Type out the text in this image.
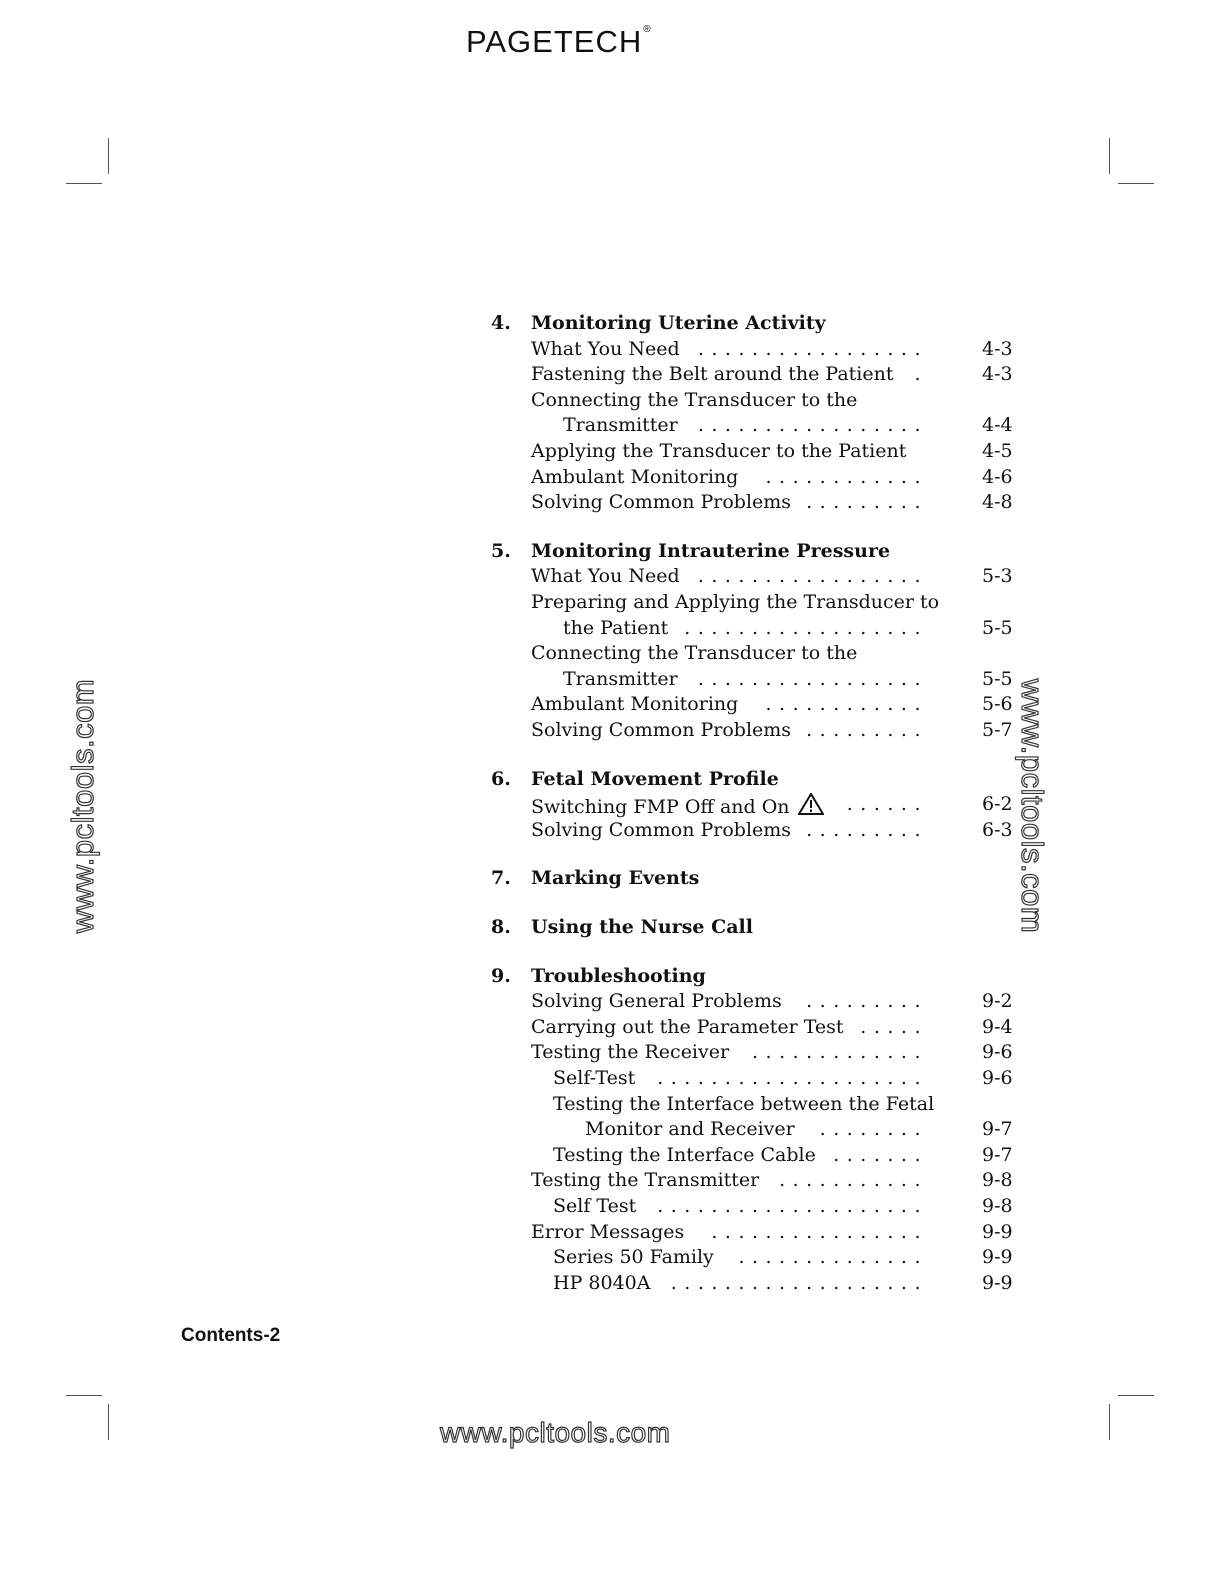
PAGETECH®
www.pcltools.com	www.pcltools.com
www.pcltools.com
4. Monitoring Uterine Activity
What You Need .................	4-3
Fastening the Belt around the Patient .	4-3
Connecting the Transducer to the
Transmitter .................	4-4
Applying the Transducer to the Patient	4-5
Ambulant Monitoring ............	4-6
Solving Common Problems .........	4-8
5. Monitoring Intrauterine Pressure
What You Need .................	5-3
Preparing and Applying the Transducer to
the Patient ..................	5-5
Connecting the Transducer to the
Transmitter .................	5-5
Ambulant Monitoring ............	5-6
Solving Common Problems .........	5-7
6. Fetal Movement Profile
Switching FMP Off and On	......	6-2
Solving Common Problems .........	6-3
7. Marking Events
8. Using the Nurse Call
9. Troubleshooting
Solving General Problems .........	9-2
Carrying out the Parameter Test .....	9-4
Testing the Receiver .............	9-6
Self-Test ....................	9-6
Testing the Interface between the Fetal
Monitor and Receiver ........	9-7
Testing the Interface Cable .......	9-7
Testing the Transmitter ...........	9-8
Self Test ....................	9-8
Error Messages ................	9-9
Series 50 Family ..............	9-9
HP 8040A ...................	9-9
Contents-2
